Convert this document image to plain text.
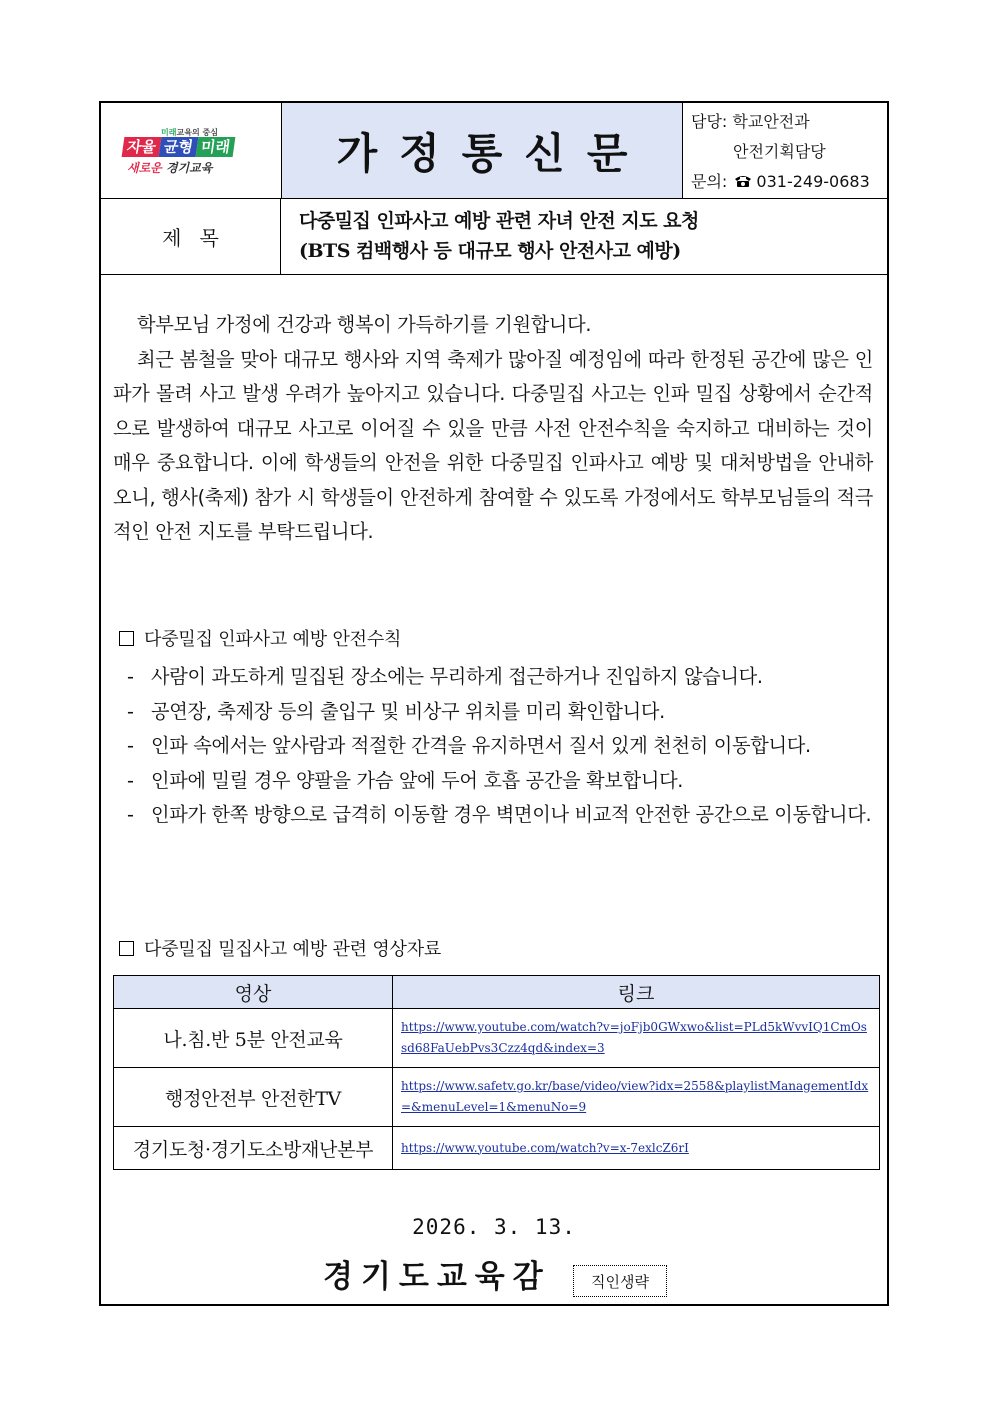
미래교육의 중심
자율 균형 미래
새로운 경기교육	가정통신문
담당: 학교안전과
안전기획담당
문의: 031-249-0683
제목
다중밀집 인파사고 예방 관련 자녀 안전 지도 요청
(BTS 컴백행사 등 대규모 행사 안전사고 예방)

학부모님 가정에 건강과 행복이 가득하기를 기원합니다.

최근 봄철을 맞아 대규모 행사와 지역 축제가 많아질 예정임에 따라 한정된 공간에 많은 인파가 몰려 사고 발생 우려가 높아지고 있습니다. 다중밀집 사고는 인파 밀집 상황에서 순간적으로 발생하여 대규모 사고로 이어질 수 있을 만큼 사전 안전수칙을 숙지하고 대비하는 것이 매우 중요합니다. 이에 학생들의 안전을 위한 다중밀집 인파사고 예방 및 대처방법을 안내하오니, 행사(축제) 참가 시 학생들이 안전하게 참여할 수 있도록 가정에서도 학부모님들의 적극적인 안전 지도를 부탁드립니다.

다중밀집 인파사고 예방 안전수칙
- 사람이 과도하게 밀집된 장소에는 무리하게 접근하거나 진입하지 않습니다.
- 공연장, 축제장 등의 출입구 및 비상구 위치를 미리 확인합니다.
- 인파 속에서는 앞사람과 적절한 간격을 유지하면서 질서 있게 천천히 이동합니다.
- 인파에 밀릴 경우 양팔을 가슴 앞에 두어 호흡 공간을 확보합니다.
- 인파가 한쪽 방향으로 급격히 이동할 경우 벽면이나 비교적 안전한 공간으로 이동합니다.
다중밀집 밀집사고 예방 관련 영상자료
영상	링크
나.침.반 5분 안전교육	https://www.youtube.com/watch?v=joFjb0GWxwo&list=PLd5kWvvIQ1CmOssd68FaUebPvs3Czz4qd&index=3
행정안전부 안전한TV	https://www.safetv.go.kr/base/video/view?idx=2558&playlistManagementIdx=&menuLevel=1&menuNo=9
경기도청·경기도소방재난본부	https://www.youtube.com/watch?v=x-7exlcZ6rI
2026. 3. 13.
경기도교육감	직인생략
